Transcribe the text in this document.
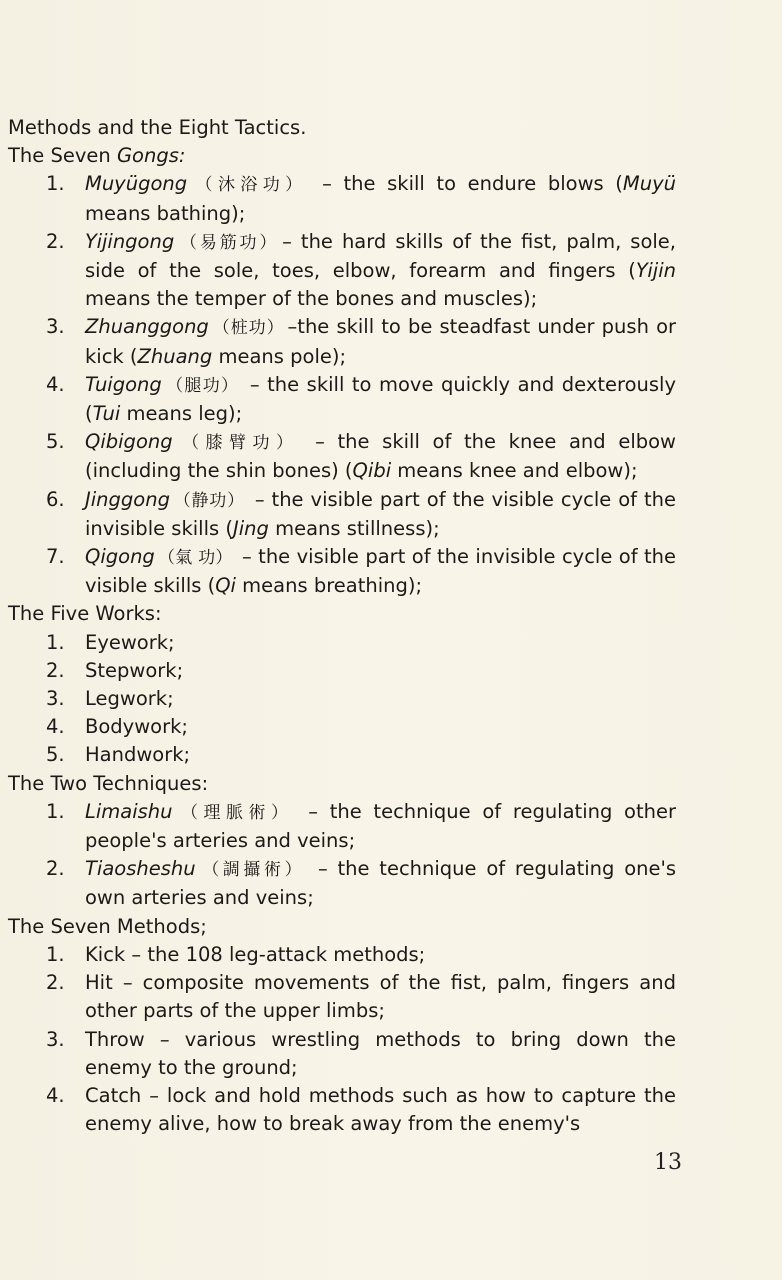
Methods and the Eight Tactics.

The Seven Gongs:

1. Muyügong （沐浴功） – the skill to endure blows (Muyü means bathing);
2. Yijingong （易筋功） – the hard skills of the fist, palm, sole, side of the sole, toes, elbow, forearm and fingers (Yijin means the temper of the bones and muscles);
3. Zhuanggong （桩功） –the skill to be steadfast under push or kick (Zhuang means pole);
4. Tuigong （腿功） – the skill to move quickly and dexterously (Tui means leg);
5. Qibigong （膝臂功） – the skill of the knee and elbow (including the shin bones) (Qibi means knee and elbow);
6. Jinggong （静功） – the visible part of the visible cycle of the invisible skills (Jing means stillness);
7. Qigong （氣 功） – the visible part of the invisible cycle of the visible skills (Qi means breathing);

The Five Works:

1. Eyework;
2. Stepwork;
3. Legwork;
4. Bodywork;
5. Handwork;

The Two Techniques:

1. Limaishu （理脈術） – the technique of regulating other people's arteries and veins;
2. Tiaosheshu （調攝術） – the technique of regulating one's own arteries and veins;

The Seven Methods;

1. Kick – the 108 leg-attack methods;
2. Hit – composite movements of the fist, palm, fingers and other parts of the upper limbs;
3. Throw – various wrestling methods to bring down the enemy to the ground;
4. Catch – lock and hold methods such as how to capture the enemy alive, how to break away from the enemy's
13
